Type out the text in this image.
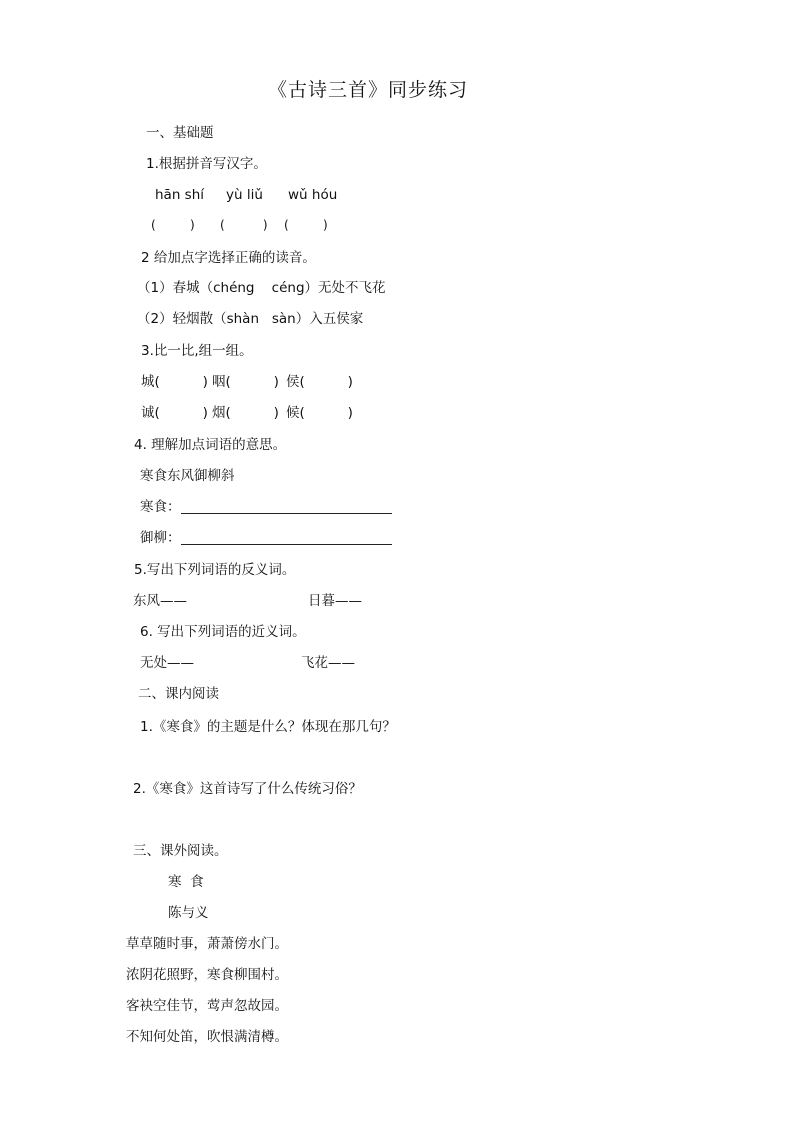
《古诗三首》同步练习
一、基础题
1.根据拼音写汉字。
hān shí yù liǔ wǔ hóu
(         ) (          ) (         )
2 给加点字选择正确的读音。
（1）春城（chéng    céng）无处不飞花
（2）轻烟散（shàn   sàn）入五侯家
3.比一比,组一组。
城(          ) 咽(          ) 侯(          )
诚(          ) 烟(          ) 候(          )
4. 理解加点词语的意思。
寒食东风御柳斜
寒食：
御柳：
5.写出下列词语的反义词。
东风——	日暮——
6. 写出下列词语的近义词。
无处——	飞花——
二、课内阅读
1.《寒食》的主题是什么？体现在那几句？
2.《寒食》这首诗写了什么传统习俗？
三、课外阅读。
寒  食
陈与义
草草随时事，萧萧傍水门。
浓阴花照野，寒食柳围村。
客袂空佳节，莺声忽故园。
不知何处笛，吹恨满清樽。
